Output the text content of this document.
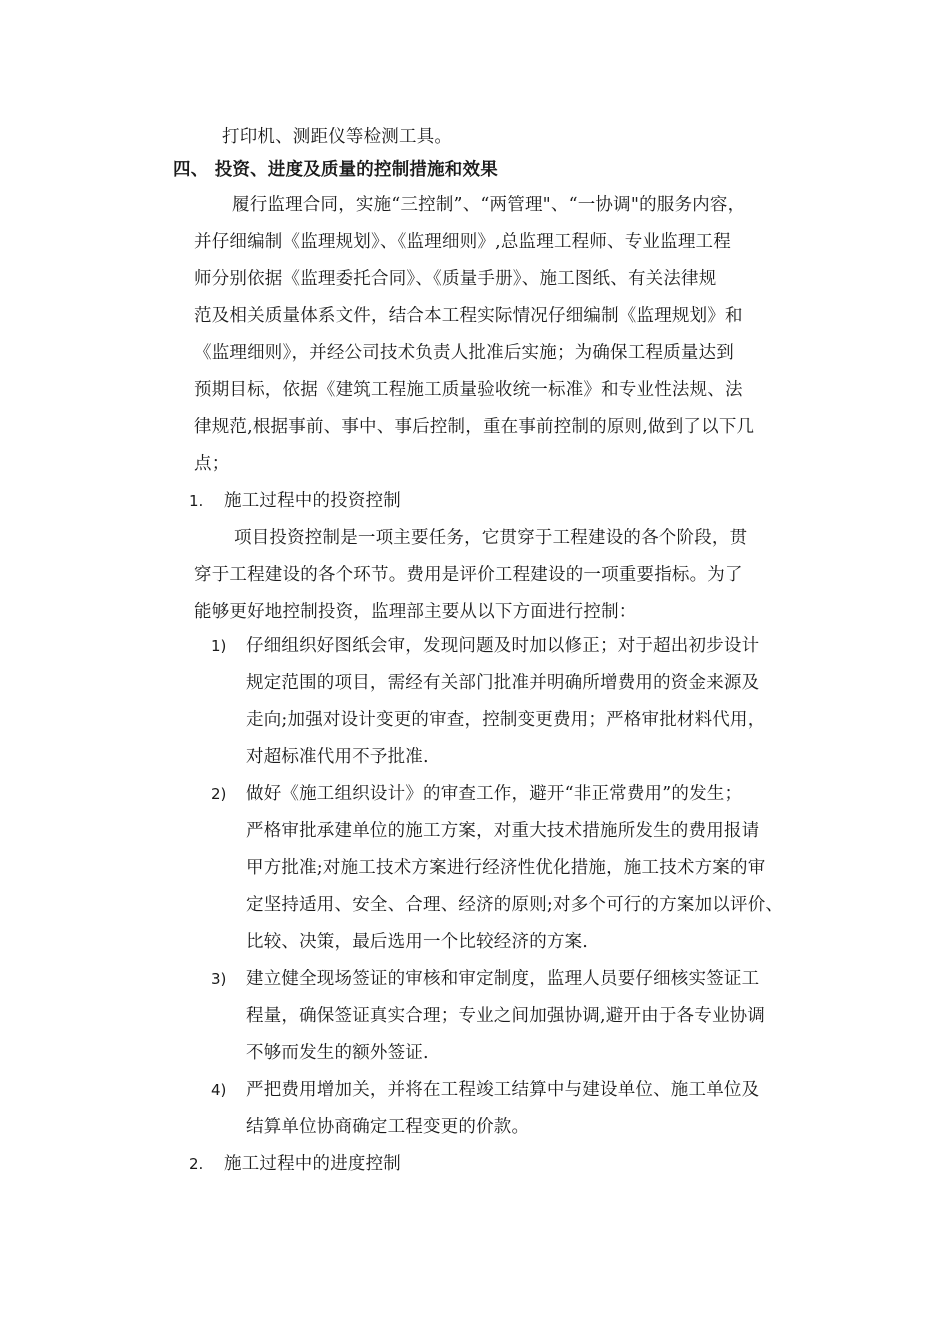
打印机、测距仪等检测工具。
四、 投资、进度及质量的控制措施和效果
履行监理合同，实施“三控制”、“两管理"、“一协调"的服务内容，
并仔细编制《监理规划》、《监理细则》,总监理工程师、专业监理工程
师分别依据《监理委托合同》、《质量手册》、施工图纸、有关法律规
范及相关质量体系文件，结合本工程实际情况仔细编制《监理规划》和
《监理细则》，并经公司技术负责人批准后实施；为确保工程质量达到
预期目标，依据《建筑工程施工质量验收统一标准》和专业性法规、法
律规范,根据事前、事中、事后控制，重在事前控制的原则,做到了以下几
点；
1. 施工过程中的投资控制
项目投资控制是一项主要任务，它贯穿于工程建设的各个阶段，贯
穿于工程建设的各个环节。费用是评价工程建设的一项重要指标。为了
能够更好地控制投资，监理部主要从以下方面进行控制：
1) 仔细组织好图纸会审，发现问题及时加以修正；对于超出初步设计
规定范围的项目，需经有关部门批准并明确所增费用的资金来源及
走向;加强对设计变更的审查，控制变更费用；严格审批材料代用，
对超标准代用不予批准.
2) 做好《施工组织设计》的审查工作，避开“非正常费用”的发生；
严格审批承建单位的施工方案，对重大技术措施所发生的费用报请
甲方批准;对施工技术方案进行经济性优化措施，施工技术方案的审
定坚持适用、安全、合理、经济的原则;对多个可行的方案加以评价、
比较、决策，最后选用一个比较经济的方案.
3) 建立健全现场签证的审核和审定制度，监理人员要仔细核实签证工
程量，确保签证真实合理；专业之间加强协调,避开由于各专业协调
不够而发生的额外签证.
4) 严把费用增加关，并将在工程竣工结算中与建设单位、施工单位及
结算单位协商确定工程变更的价款。
2. 施工过程中的进度控制
